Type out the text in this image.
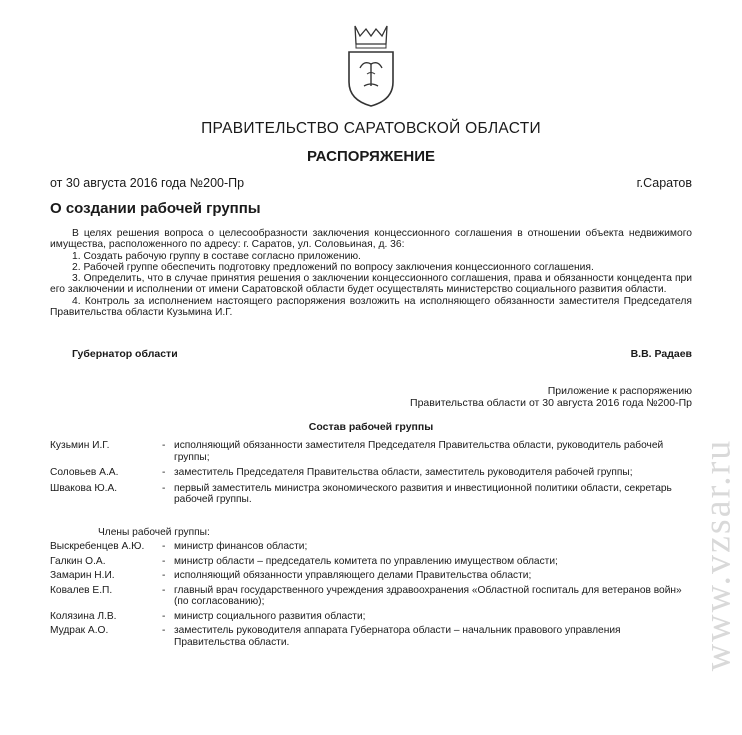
ПРАВИТЕЛЬСТВО САРАТОВСКОЙ ОБЛАСТИ
РАСПОРЯЖЕНИЕ
от 30 августа 2016 года №200-Пр	г.Саратов
О создании рабочей группы

В целях решения вопроса о целесообразности заключения концессионного соглашения в отношении объекта недвижимого имущества, расположенного по адресу: г. Саратов, ул. Соловьиная, д. 36:

1. Создать рабочую группу в составе согласно приложению.

2. Рабочей группе обеспечить подготовку предложений по вопросу заключения концессионного соглашения.

3. Определить, что в случае принятия решения о заключении концессионного соглашения, права и обязанности концедента при его заключении и исполнении от имени Саратовской области будет осуществлять министерство социального развития области.

4. Контроль за исполнением настоящего распоряжения возложить на исполняющего обязанности заместителя Председателя Правительства области Кузьмина И.Г.

Губернатор области	В.В. Радаев
Приложение к распоряжению
Правительства области от 30 августа 2016 года №200-Пр
Состав рабочей группы
Кузьмин И.Г.	- исполняющий обязанности заместителя Председателя Правительства области, руководитель рабочей группы;
Соловьев А.А.	- заместитель Председателя Правительства области, заместитель руководителя рабочей группы;
Швакова Ю.А.	- первый заместитель министра экономического развития и инвестиционной политики области, секретарь рабочей группы.
Члены рабочей группы:
Выскребенцев А.Ю.	- министр финансов области;
Галкин О.А.	- министр области – председатель комитета по управлению имуществом области;
Замарин Н.И.	- исполняющий обязанности управляющего делами Правительства области;
Ковалев Е.П.	- главный врач государственного учреждения здравоохранения «Областной госпиталь для ветеранов войн» (по согласованию);
Колязина Л.В.	- министр социального развития области;
Мудрак А.О.	- заместитель руководителя аппарата Губернатора области – начальник правового управления Правительства области.	www.vzsar.ru
